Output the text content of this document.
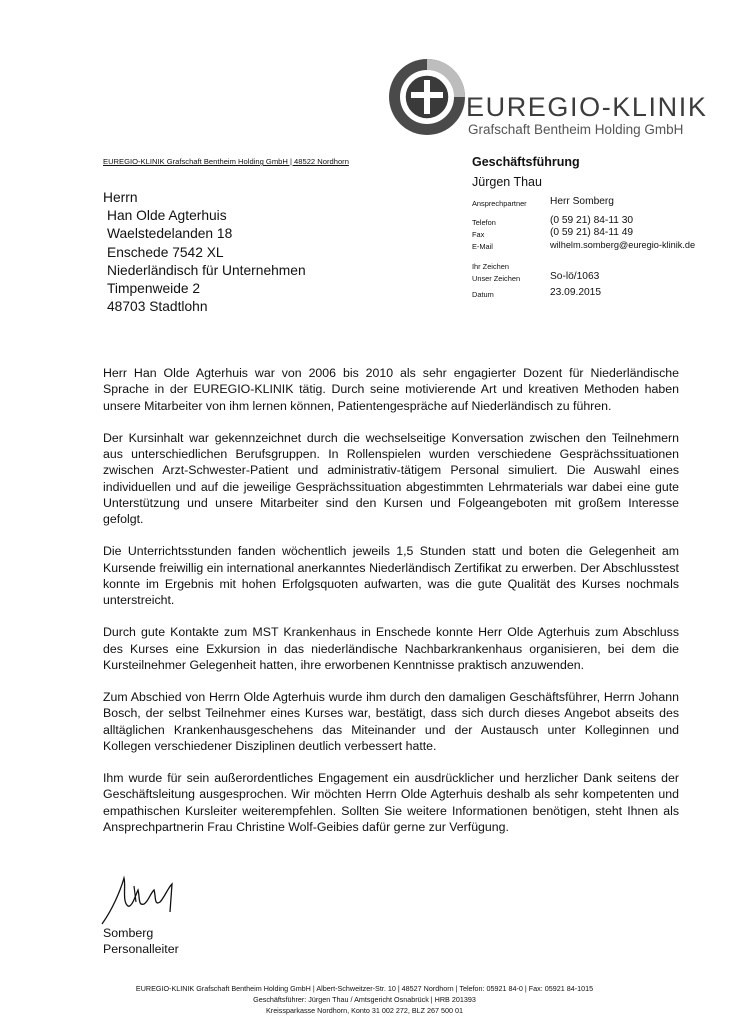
EUREGIO-KLINIK
Grafschaft Bentheim Holding GmbH
EUREGIO-KLINIK Grafschaft Bentheim Holding GmbH | 48522 Nordhorn
Herrn
Han Olde Agterhuis
Waelstedelanden 18
Enschede 7542 XL
Niederländisch für Unternehmen
Timpenweide 2
48703 Stadtlohn
Geschäftsführung
Jürgen Thau
Ansprechpartner Herr Somberg
Telefon	(0 59 21) 84-11 30
Fax	(0 59 21) 84-11 49
E-Mail	wilhelm.somberg@euregio-klinik.de
Ihr Zeichen
Unser Zeichen	So-lö/1063
Datum	23.09.2015

Herr Han Olde Agterhuis war von 2006 bis 2010 als sehr engagierter Dozent für Niederländische Sprache in der EUREGIO-KLINIK tätig. Durch seine motivierende Art und kreativen Methoden haben unsere Mitarbeiter von ihm lernen können, Patientengespräche auf Niederländisch zu führen.

Der Kursinhalt war gekennzeichnet durch die wechselseitige Konversation zwischen den Teilnehmern aus unterschiedlichen Berufsgruppen. In Rollenspielen wurden verschiedene Gesprächssituationen zwischen Arzt-Schwester-Patient und administrativ-tätigem Personal simuliert. Die Auswahl eines individuellen und auf die jeweilige Gesprächssituation abgestimmten Lehrmaterials war dabei eine gute Unterstützung und unsere Mitarbeiter sind den Kursen und Folgeangeboten mit großem Interesse gefolgt.

Die Unterrichtsstunden fanden wöchentlich jeweils 1,5 Stunden statt und boten die Gelegenheit am Kursende freiwillig ein international anerkanntes Niederländisch Zertifikat zu erwerben. Der Abschlusstest konnte im Ergebnis mit hohen Erfolgsquoten aufwarten, was die gute Qualität des Kurses nochmals unterstreicht.

Durch gute Kontakte zum MST Krankenhaus in Enschede konnte Herr Olde Agterhuis zum Abschluss des Kurses eine Exkursion in das niederländische Nachbarkrankenhaus organisieren, bei dem die Kursteilnehmer Gelegenheit hatten, ihre erworbenen Kenntnisse praktisch anzuwenden.

Zum Abschied von Herrn Olde Agterhuis wurde ihm durch den damaligen Geschäftsführer, Herrn Johann Bosch, der selbst Teilnehmer eines Kurses war, bestätigt, dass sich durch dieses Angebot abseits des alltäglichen Krankenhausgeschehens das Miteinander und der Austausch unter Kolleginnen und Kollegen verschiedener Disziplinen deutlich verbessert hatte.

Ihm wurde für sein außerordentliches Engagement ein ausdrücklicher und herzlicher Dank seitens der Geschäftsleitung ausgesprochen. Wir möchten Herrn Olde Agterhuis deshalb als sehr kompetenten und empathischen Kursleiter weiterempfehlen. Sollten Sie weitere Informationen benötigen, steht Ihnen als Ansprechpartnerin Frau Christine Wolf-Geibies dafür gerne zur Verfügung.

Somberg
Personalleiter
EUREGIO-KLINIK Grafschaft Bentheim Holding GmbH | Albert-Schweitzer-Str. 10 | 48527 Nordhorn | Telefon: 05921 84-0 | Fax: 05921 84-1015
Geschäftsführer: Jürgen Thau / Amtsgericht Osnabrück | HRB 201393
Kreissparkasse Nordhorn, Konto 31 002 272, BLZ 267 500 01
